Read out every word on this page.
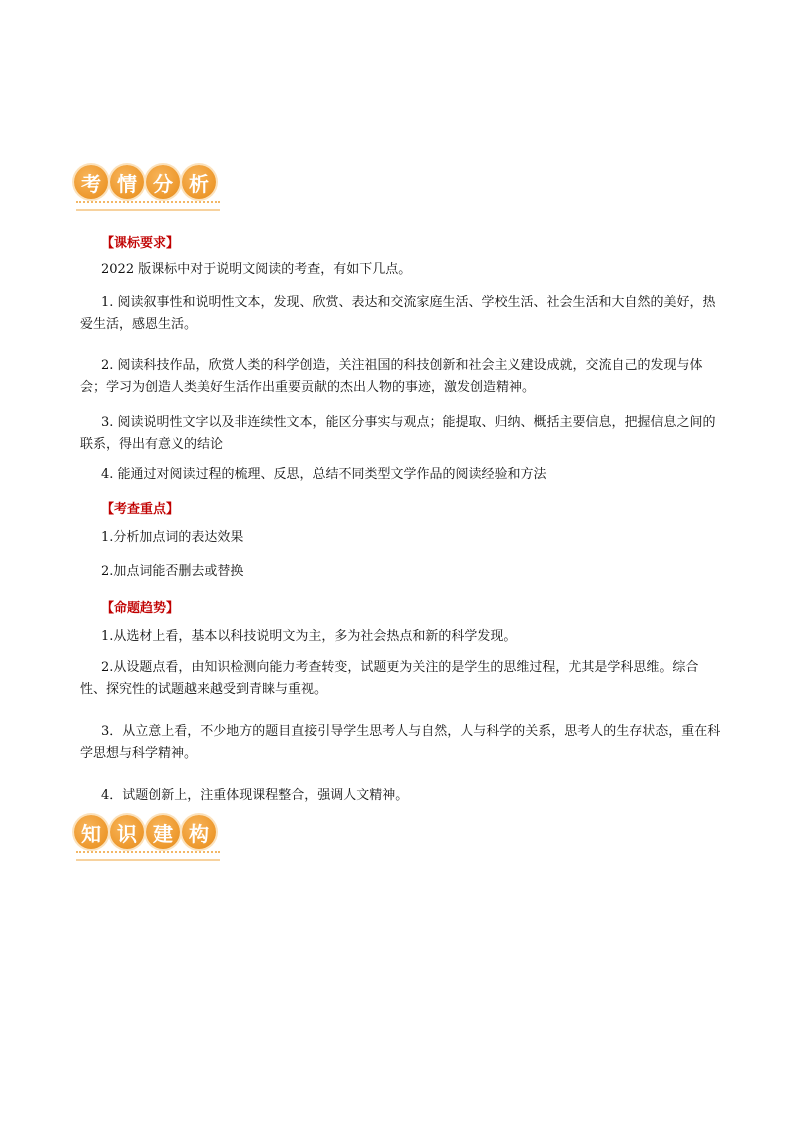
考 情 分 析
【课标要求】
2022 版课标中对于说明文阅读的考查，有如下几点。
1. 阅读叙事性和说明性文本，发现、欣赏、表达和交流家庭生活、学校生活、社会生活和大自然的美好，热爱生活，感恩生活。
2. 阅读科技作品，欣赏人类的科学创造，关注祖国的科技创新和社会主义建设成就，交流自己的发现与体会；学习为创造人类美好生活作出重要贡献的杰出人物的事迹，激发创造精神。
3. 阅读说明性文字以及非连续性文本，能区分事实与观点；能提取、归纳、概括主要信息，把握信息之间的联系，得出有意义的结论
4. 能通过对阅读过程的梳理、反思，总结不同类型文学作品的阅读经验和方法
【考查重点】
1.分析加点词的表达效果
2.加点词能否删去或替换
【命题趋势】
1.从选材上看，基本以科技说明文为主，多为社会热点和新的科学发现。
2.从设题点看，由知识检测向能力考查转变，试题更为关注的是学生的思维过程，尤其是学科思维。综合性、探究性的试题越来越受到青睐与重视。
3．从立意上看，不少地方的题目直接引导学生思考人与自然，人与科学的关系，思考人的生存状态，重在科学思想与科学精神。
4．试题创新上，注重体现课程整合，强调人文精神。
知 识 建 构
